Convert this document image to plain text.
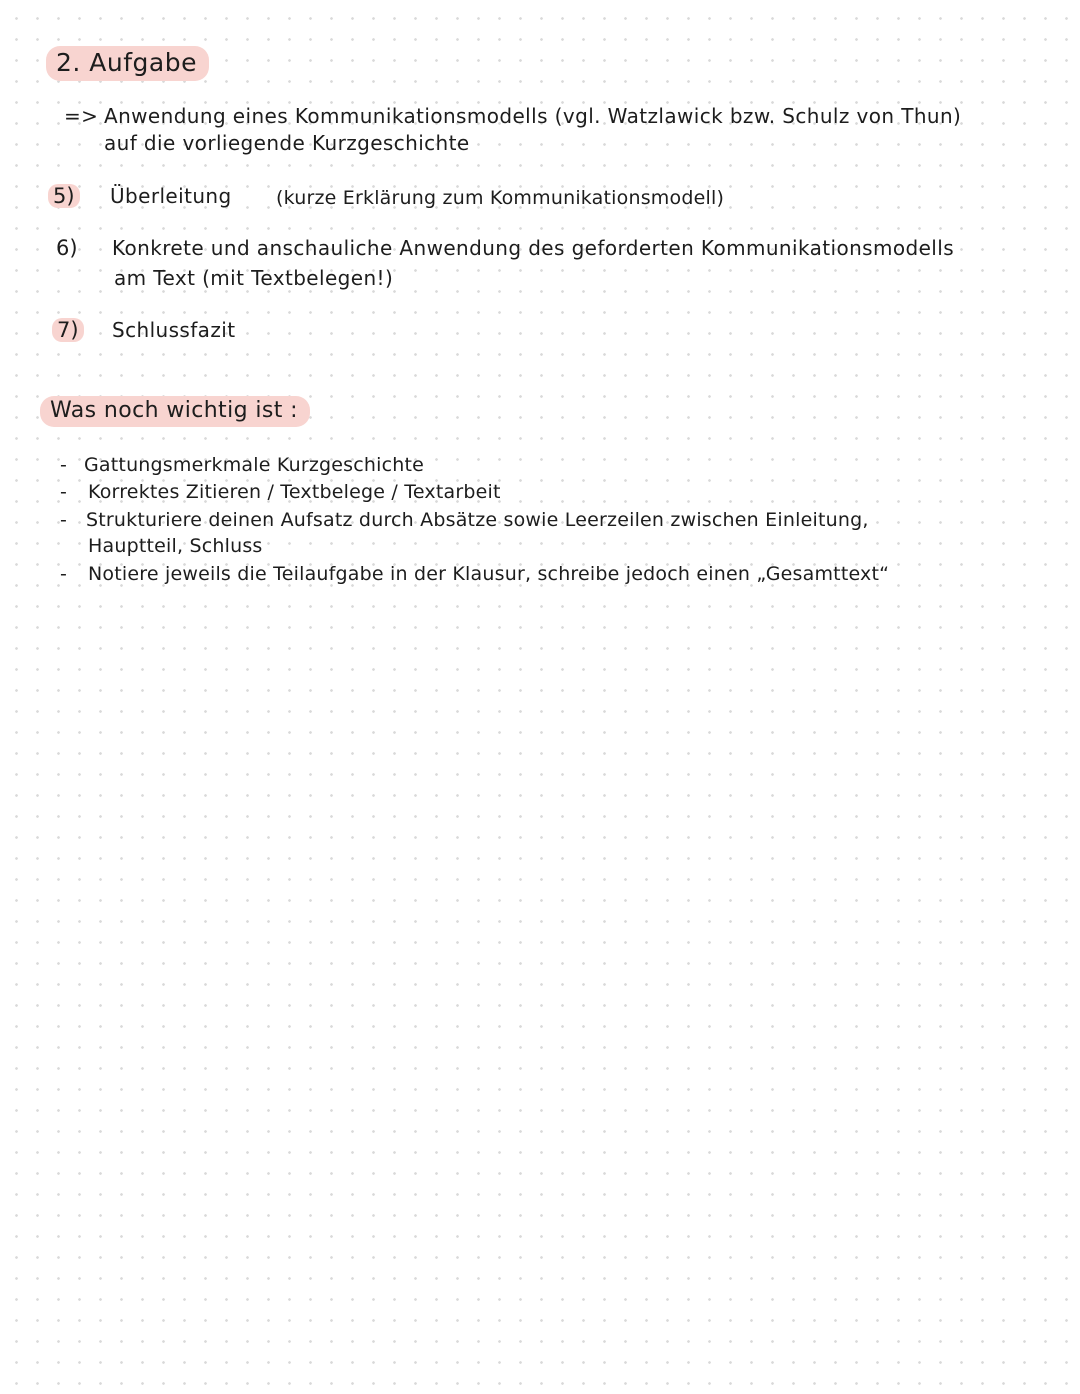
2. Aufgabe
=> Anwendung eines Kommunikationsmodells (vgl. Watzlawick bzw. Schulz von Thun)
auf die vorliegende Kurzgeschichte
5) Überleitung (kurze Erklärung zum Kommunikationsmodell)
6) Konkrete und anschauliche Anwendung des geforderten Kommunikationsmodells
am Text (mit Textbelegen!)
7) Schlussfazit
Was noch wichtig ist :
- Gattungsmerkmale Kurzgeschichte
- Korrektes Zitieren / Textbelege / Textarbeit
- Strukturiere deinen Aufsatz durch Absätze sowie Leerzeilen zwischen Einleitung,
Hauptteil, Schluss
- Notiere jeweils die Teilaufgabe in der Klausur, schreibe jedoch einen „Gesamttext“
